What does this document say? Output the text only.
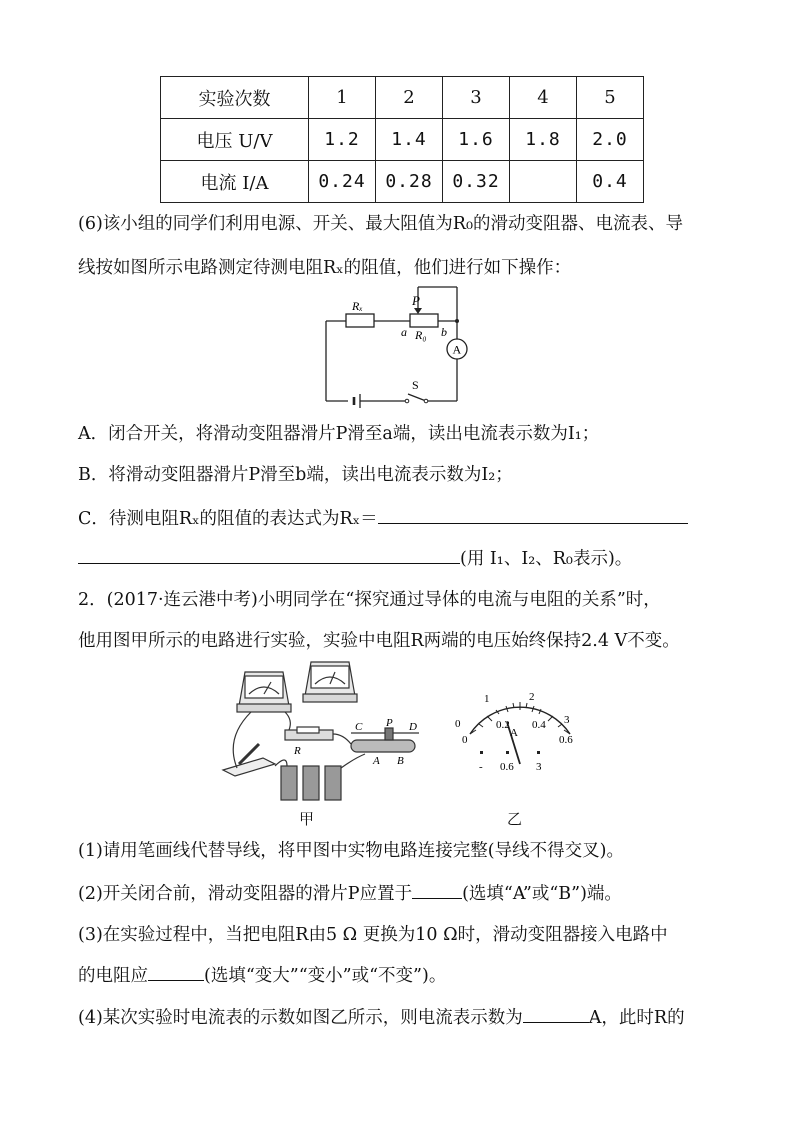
实验次数	1	2	3	4	5
电压 U/V	1.2	1.4	1.6	1.8	2.0
电流 I/A	0.24	0.28	0.32		0.4
(6)该小组的同学们利用电源、开关、最大阻值为R₀的滑动变阻器、电流表、导
线按如图所示电路测定待测电阻Rₓ的阻值，他们进行如下操作：
Rₓ	P
a R₀ b
A
S
A．闭合开关，将滑动变阻器滑片P滑至a端，读出电流表示数为I₁；
B．将滑动变阻器滑片P滑至b端，读出电流表示数为I₂；
C．待测电阻Rₓ的阻值的表达式为Rₓ＝
(用 I₁、I₂、R₀表示)。
2．(2017·连云港中考)小明同学在“探究通过导体的电流与电阻的关系”时，
他用图甲所示的电路进行实验，实验中电阻R两端的电压始终保持2.4 V不变。
R
C P D
A B
甲
0
1	2
3
0
0.2 0.4
0.6
A
- 0.6 3
乙
(1)请用笔画线代替导线，将甲图中实物电路连接完整(导线不得交叉)。
(2)开关闭合前，滑动变阻器的滑片P应置于	(选填“A”或“B”)端。
(3)在实验过程中，当把电阻R由5 Ω 更换为10 Ω时，滑动变阻器接入电路中
的电阻应	(选填“变大”“变小”或“不变”)。
(4)某次实验时电流表的示数如图乙所示，则电流表示数为	A，此时R的
